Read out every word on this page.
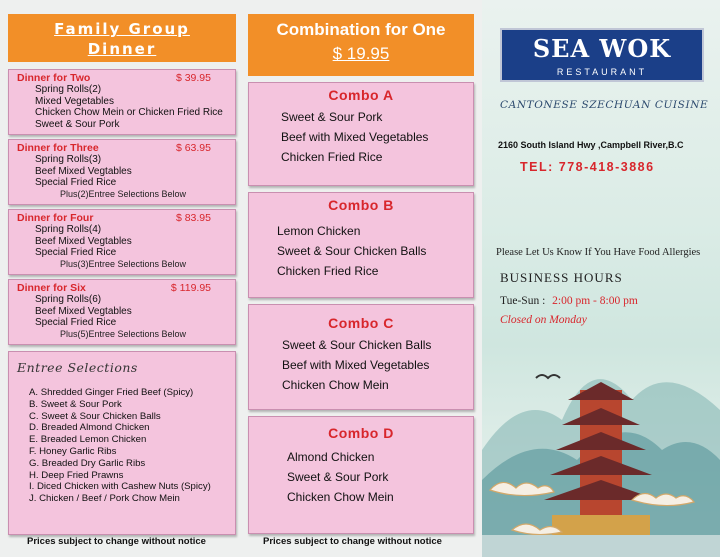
Family Group
Dinner
Dinner for Two	$ 39.95
Spring Rolls(2)
Mixed Vegetables
Chicken Chow Mein or Chicken Fried Rice
Sweet & Sour Pork
Dinner for Three	$ 63.95
Spring Rolls(3)
Beef Mixed Vegtables
Special Fried Rice
Plus(2)Entree Selections Below
Dinner for Four	$ 83.95
Spring Rolls(4)
Beef Mixed Vegtables
Special Fried Rice
Plus(3)Entree Selections Below
Dinner for Six	$ 119.95
Spring Rolls(6)
Beef Mixed Vegtables
Special Fried Rice
Plus(5)Entree Selections Below
Entree Selections
A. Shredded Ginger Fried Beef (Spicy)
B. Sweet & Sour Pork
C. Sweet & Sour Chicken Balls
D. Breaded Almond Chicken
E. Breaded Lemon Chicken
F. Honey Garlic Ribs
G. Breaded Dry Garlic Ribs
H. Deep Fried Prawns
I. Diced Chicken with Cashew Nuts (Spicy)
J. Chicken / Beef / Pork Chow Mein
Prices subject to change without notice
Combination for One
$ 19.95
Combo A
Sweet & Sour Pork
Beef with Mixed Vegetables
Chicken Fried Rice
Combo B
Lemon Chicken
Sweet & Sour Chicken Balls
Chicken Fried Rice
Combo C
Sweet & Sour Chicken Balls
Beef with Mixed Vegetables
Chicken Chow Mein
Combo D
Almond Chicken
Sweet & Sour Pork
Chicken Chow Mein
Prices subject to change without notice
SEA WOK
RESTAURANT
CANTONESE SZECHUAN CUISINE
2160 South Island Hwy ,Campbell River,B.C
TEL: 778-418-3886
Please Let Us Know If You Have Food Allergies
BUSINESS HOURS
Tue-Sun : 2:00 pm - 8:00 pm
Closed on Monday
